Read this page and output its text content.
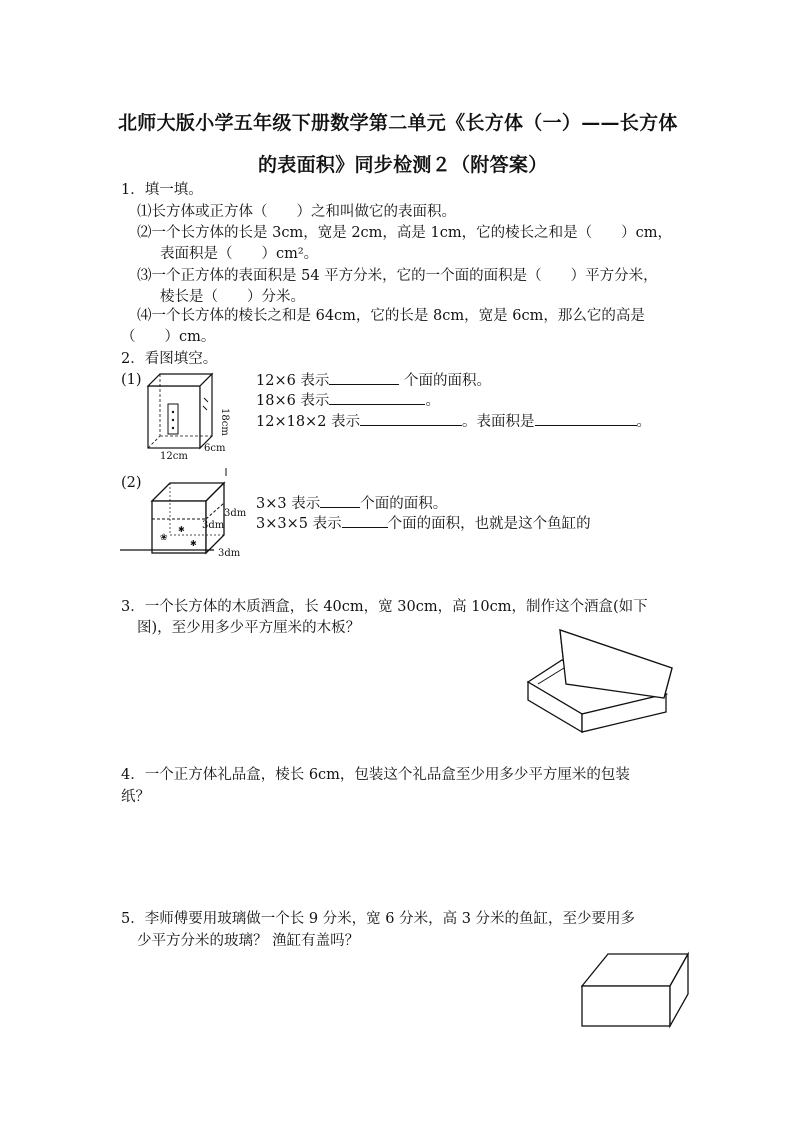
北师大版小学五年级下册数学第二单元《长方体（一）——长方体
的表面积》同步检测２（附答案）
1．填一填。
⑴长方体或正方体（　　）之和叫做它的表面积。
⑵一个长方体的长是 3cm，宽是 2cm，高是 1cm，它的棱长之和是（　　）cm，
表面积是（　　）cm²。
⑶一个正方体的表面积是 54 平方分米，它的一个面的面积是（　　）平方分米，
棱长是（　　）分米。
⑷一个长方体的棱长之和是 64cm，它的长是 8cm，宽是 6cm，那么它的高是
（　　）cm。
2．看图填空。
(1)
12cm
6cm
18cm
12×6 表示	个面的面积。
18×6 表示	。
12×18×2 表示	。表面积是	。
(2)
❀
✱
✱
3dm
3dm
3dm
3×3 表示	个面的面积。
3×3×5 表示	个面的面积，也就是这个鱼缸的
3．一个长方体的木质酒盒，长 40cm，宽 30cm，高 10cm，制作这个酒盒(如下
图)，至少用多少平方厘米的木板？
4．一个正方体礼品盒，棱长 6cm，包装这个礼品盒至少用多少平方厘米的包装
纸？
5．李师傅要用玻璃做一个长 9 分米，宽 6 分米，高 3 分米的鱼缸，至少要用多
少平方分米的玻璃？ 渔缸有盖吗？
